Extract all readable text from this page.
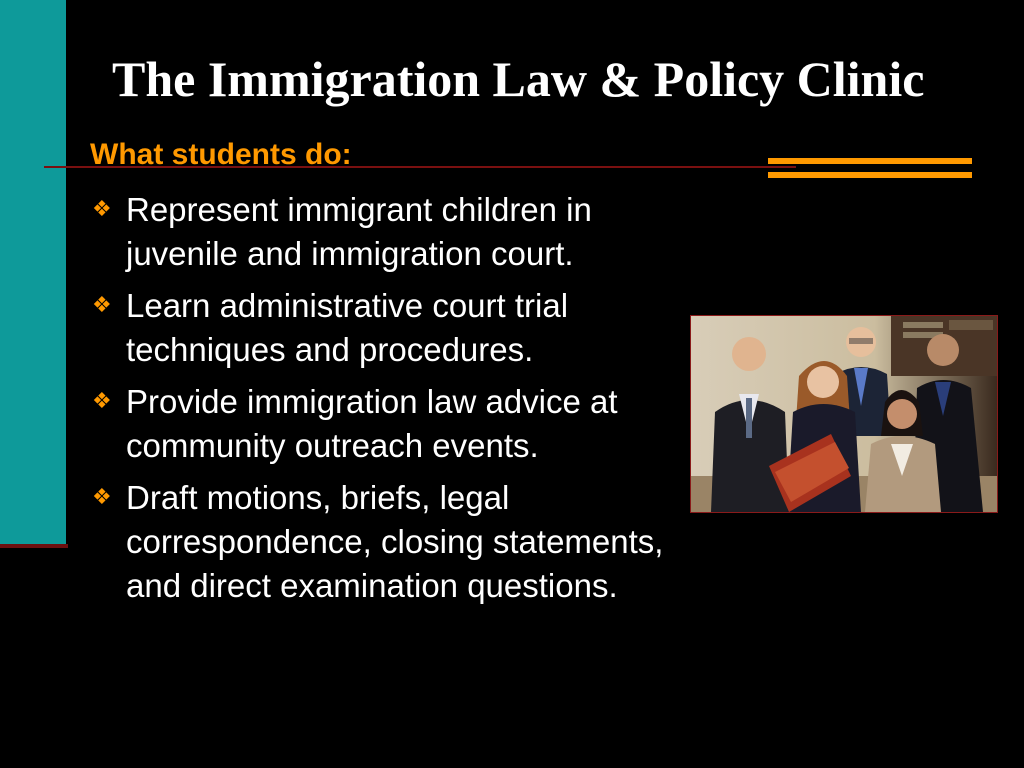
The Immigration Law & Policy Clinic
What students do:
❖ Represent immigrant children in juvenile and immigration court.
❖ Learn administrative court trial techniques and procedures.
❖ Provide immigration law advice at community outreach events.
❖ Draft motions, briefs, legal correspondence, closing statements, and direct examination questions.
